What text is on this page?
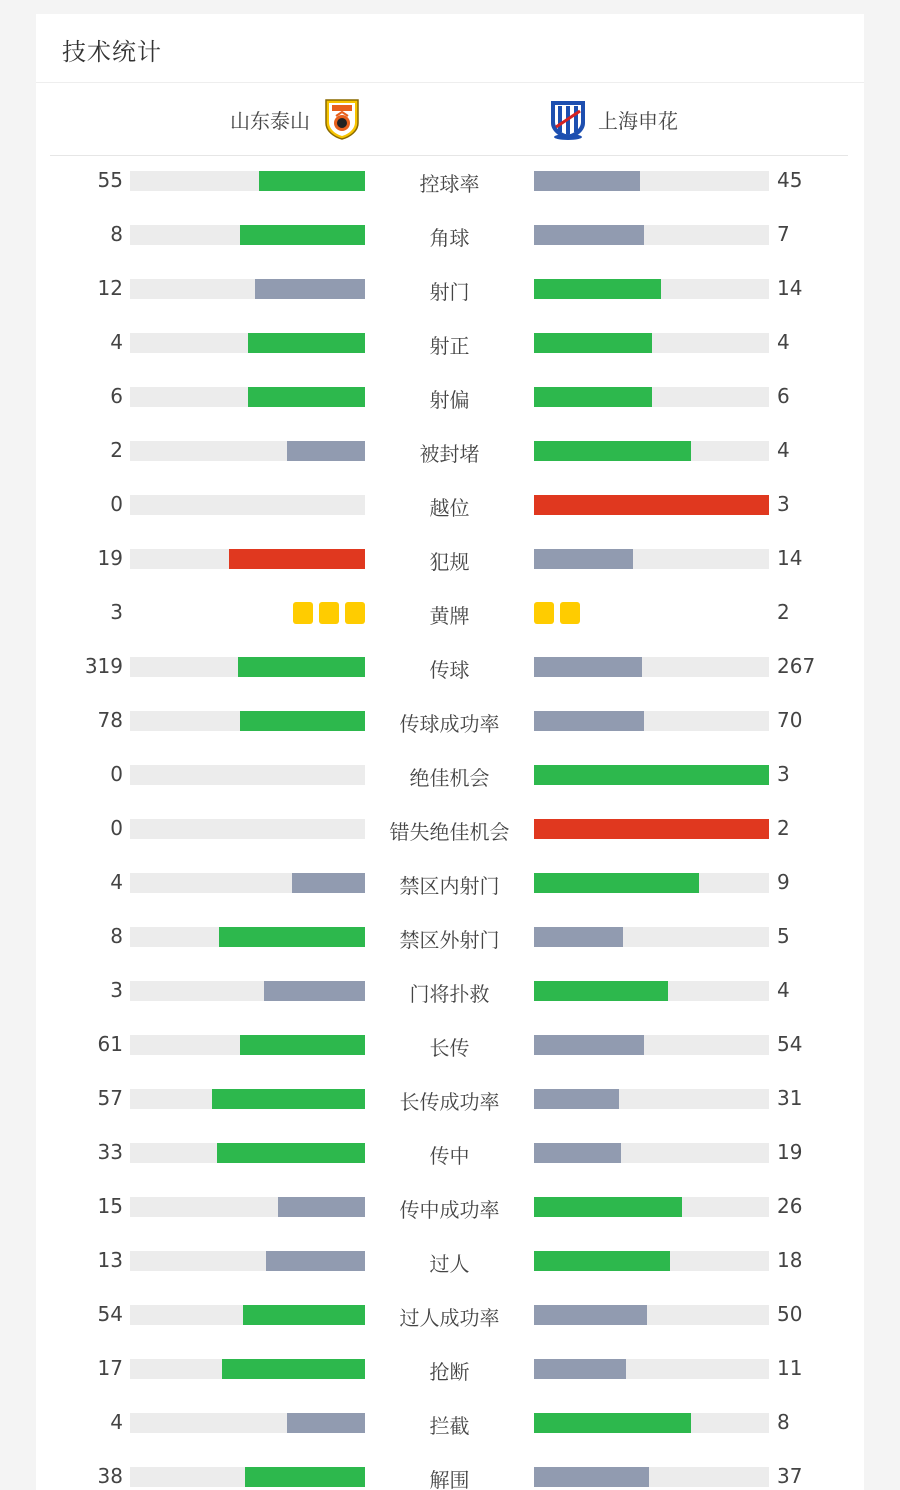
技术统计
山东泰山	上海申花
55	控球率	45
8	角球	7
12	射门	14
4	射正	4
6	射偏	6
2	被封堵	4
0	越位	3
19	犯规	14
3	黄牌	2
319	传球	267
78	传球成功率	70
0	绝佳机会	3
0	错失绝佳机会	2
4	禁区内射门	9
8	禁区外射门	5
3	门将扑救	4
61	长传	54
57	长传成功率	31
33	传中	19
15	传中成功率	26
13	过人	18
54	过人成功率	50
17	抢断	11
4	拦截	8
38	解围	37
